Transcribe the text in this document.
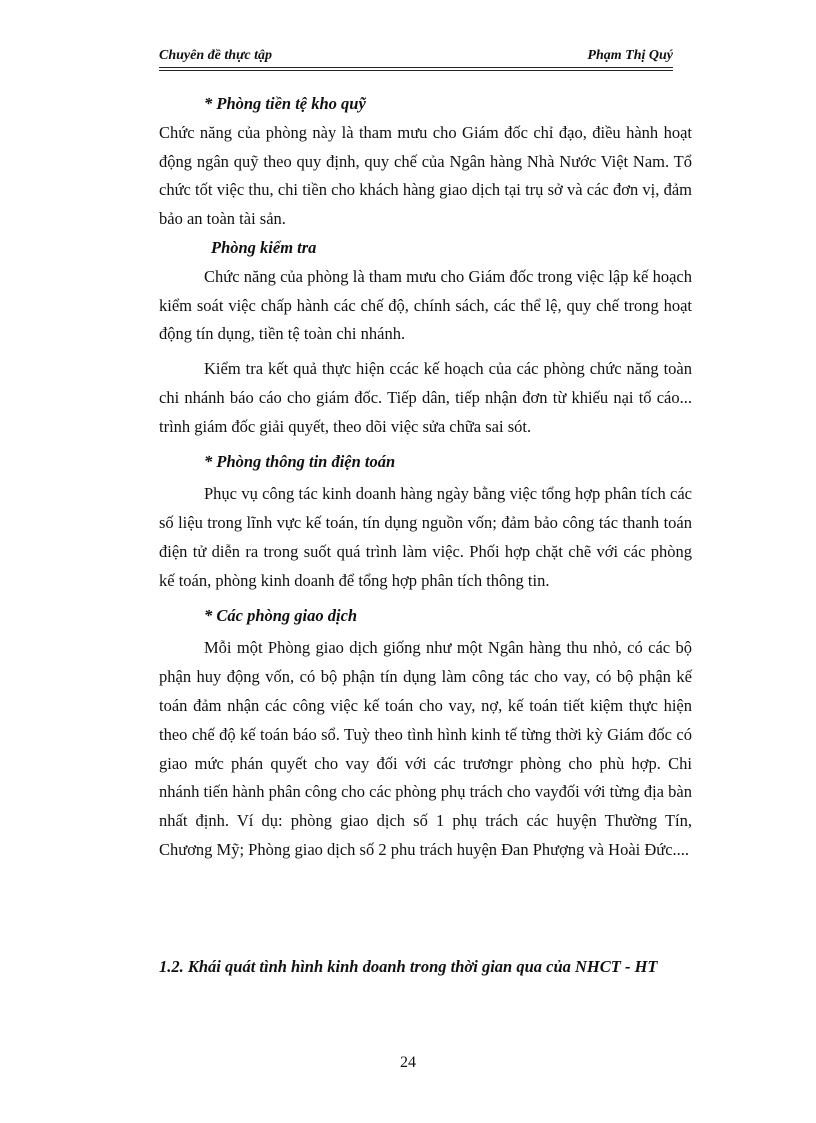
Chuyên đề thực tập	Phạm Thị Quý

* Phòng tiền tệ kho quỹ

Chức năng của phòng này là tham mưu cho Giám đốc chỉ đạo, điều hành hoạt động ngân quỹ theo quy định, quy chế của Ngân hàng Nhà Nước Việt Nam. Tổ chức tốt việc thu, chi tiền cho khách hàng giao dịch tại trụ sở và các đơn vị, đảm bảo an toàn tài sản.

Phòng kiểm tra

Chức năng của phòng là tham mưu cho Giám đốc trong việc lập kế hoạch kiểm soát việc chấp hành các chế độ, chính sách, các thể lệ, quy chế trong hoạt động tín dụng, tiền tệ toàn chi nhánh.

Kiểm tra kết quả thực hiện ccác kế hoạch của các phòng chức năng toàn chi nhánh báo cáo cho giám đốc. Tiếp dân, tiếp nhận đơn từ khiếu nại tố cáo... trình giám đốc giải quyết, theo dõi việc sửa chữa sai sót.

* Phòng thông tin điện toán

Phục vụ công tác kinh doanh hàng ngày bằng việc tổng hợp phân tích các số liệu trong lĩnh vực kế toán, tín dụng nguồn vốn; đảm bảo công tác thanh toán điện tử diễn ra trong suốt quá trình làm việc. Phối hợp chặt chẽ với các phòng kế toán, phòng kinh doanh để tổng hợp phân tích thông tin.

* Các phòng giao dịch

Mỗi một Phòng giao dịch giống như một Ngân hàng thu nhỏ, có các bộ phận huy động vốn, có bộ phận tín dụng làm công tác cho vay, có bộ phận kế toán đảm nhận các công việc kế toán cho vay, nợ, kế toán tiết kiệm thực hiện theo chế độ kế toán báo sổ. Tuỳ theo tình hình kinh tế từng thời kỳ Giám đốc có giao mức phán quyết cho vay đối với các trươngr phòng cho phù hợp. Chi nhánh tiến hành phân công cho các phòng phụ trách cho vayđối với từng địa bàn nhất định. Ví dụ: phòng giao dịch số 1 phụ trách các huyện Thường Tín, Chương Mỹ; Phòng giao dịch số 2 phu trách huyện Đan Phượng và Hoài Đức....

1.2. Khái quát tình hình kinh doanh trong thời gian qua của NHCT - HT
24
